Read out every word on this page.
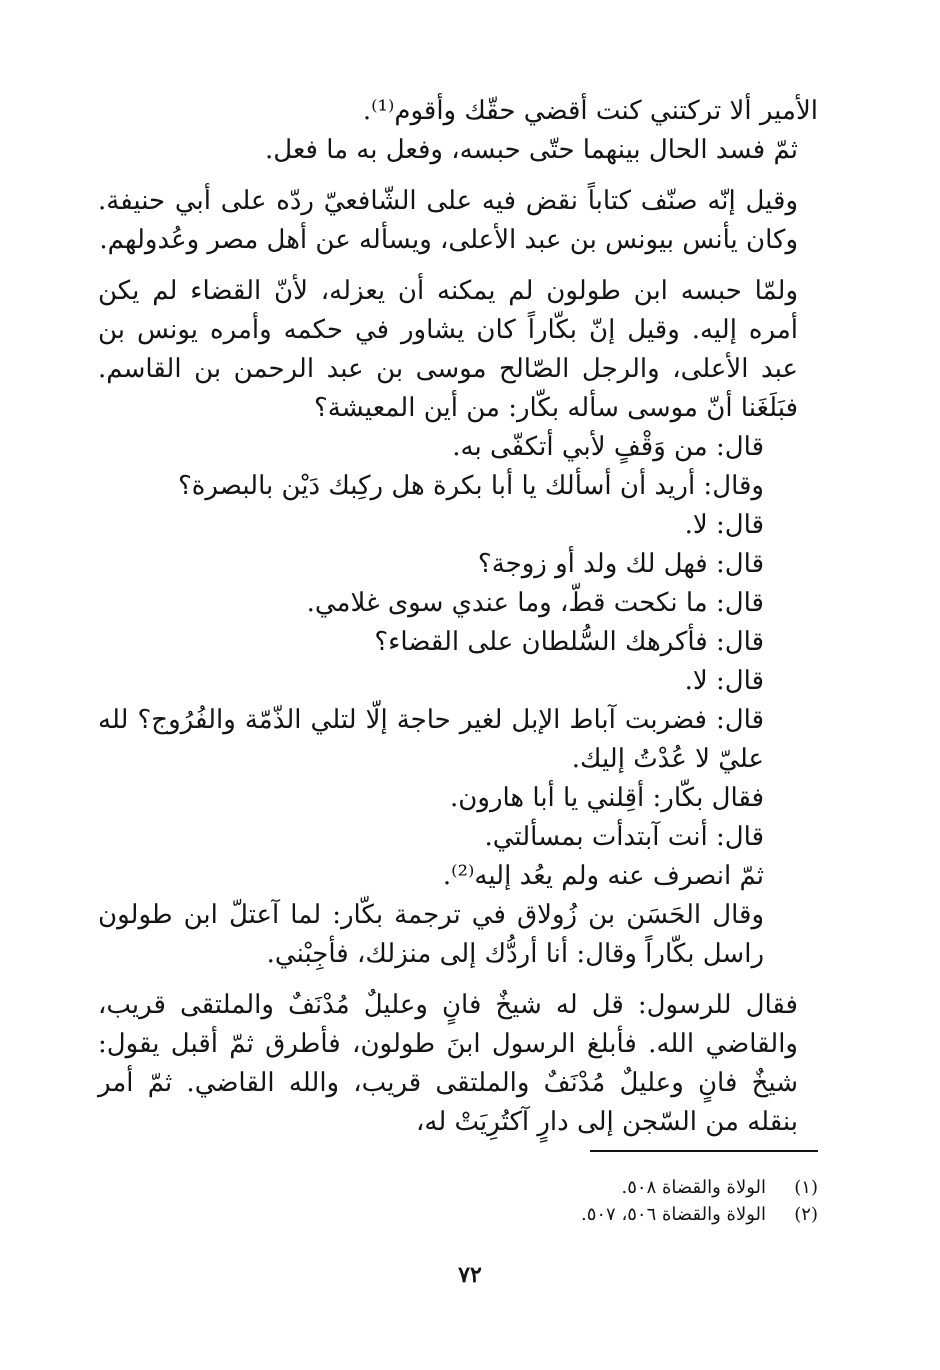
الأمير ألا تركتني كنت أقضي حقّك وأقوم⁽¹⁾.

ثمّ فسد الحال بينهما حتّى حبسه، وفعل به ما فعل.

وقيل إنّه صنّف كتاباً نقض فيه على الشّافعيّ ردّه على أبي حنيفة. وكان يأنس بيونس بن عبد الأعلى، ويسأله عن أهل مصر وعُدولهم.

ولمّا حبسه ابن طولون لم يمكنه أن يعزله، لأنّ القضاء لم يكن أمره إليه. وقيل إنّ بكّاراً كان يشاور في حكمه وأمره يونس بن عبد الأعلى، والرجل الصّالح موسى بن عبد الرحمن بن القاسم. فبَلَغَنا أنّ موسى سأله بكّار: من أين المعيشة؟

قال: من وَقْفٍ لأبي أتكفّى به.

وقال: أريد أن أسألك يا أبا بكرة هل ركِبك دَيْن بالبصرة؟

قال: لا.

قال: فهل لك ولد أو زوجة؟

قال: ما نكحت قطّ، وما عندي سوى غلامي.

قال: فأكرهك السُّلطان على القضاء؟

قال: لا.

قال: فضربت آباط الإبل لغير حاجة إلّا لتلي الذّمّة والفُرُوج؟ لله عليّ لا عُدْتُ إليك.

فقال بكّار: أقِلني يا أبا هارون.

قال: أنت آبتدأت بمسألتي.

ثمّ انصرف عنه ولم يعُد إليه⁽²⁾.

وقال الحَسَن بن زُولاق في ترجمة بكّار: لما آعتلّ ابن طولون راسل بكّاراً وقال: أنا أردُّك إلى منزلك، فأجِبْني.

فقال للرسول: قل له شيخٌ فانٍ وعليلٌ مُدْنَفٌ والملتقى قريب، والقاضي الله. فأبلغ الرسول ابنَ طولون، فأطرق ثمّ أقبل يقول: شيخٌ فانٍ وعليلٌ مُدْنَفٌ والملتقى قريب، والله القاضي. ثمّ أمر بنقله من السّجن إلى دارٍ آكتُرِيَتْ له،

(١)الولاة والقضاة ٥٠٨.
(٢)الولاة والقضاة ٥٠٦، ٥٠٧.
٧٢
